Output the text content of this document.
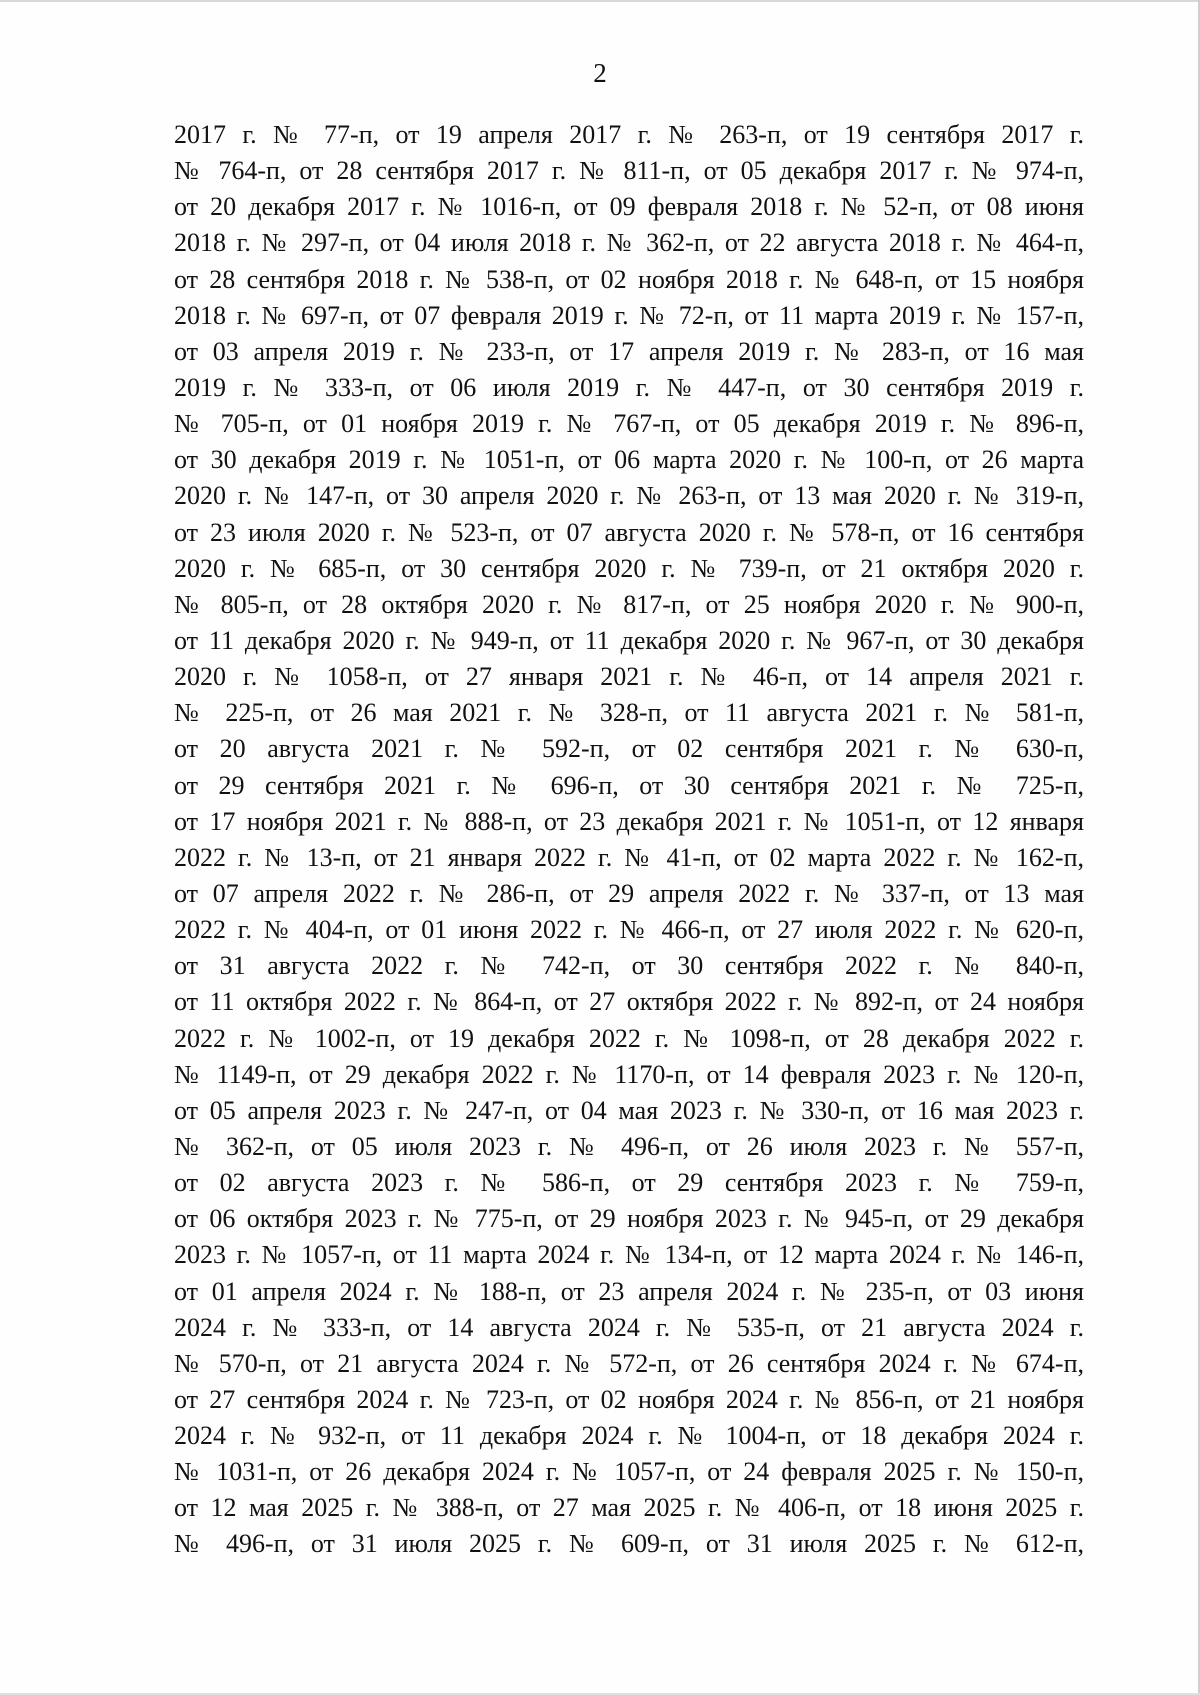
2
2017 г. № 77-п, от 19 апреля 2017 г. № 263-п, от 19 сентября 2017 г.
№ 764-п, от 28 сентября 2017 г. № 811-п, от 05 декабря 2017 г. № 974-п,
от 20 декабря 2017 г. № 1016-п, от 09 февраля 2018 г. № 52-п, от 08 июня
2018 г. № 297-п, от 04 июля 2018 г. № 362-п, от 22 августа 2018 г. № 464-п,
от 28 сентября 2018 г. № 538-п, от 02 ноября 2018 г. № 648-п, от 15 ноября
2018 г. № 697-п, от 07 февраля 2019 г. № 72-п, от 11 марта 2019 г. № 157-п,
от 03 апреля 2019 г. № 233-п, от 17 апреля 2019 г. № 283-п, от 16 мая
2019 г. № 333-п, от 06 июля 2019 г. № 447-п, от 30 сентября 2019 г.
№ 705-п, от 01 ноября 2019 г. № 767-п, от 05 декабря 2019 г. № 896-п,
от 30 декабря 2019 г. № 1051-п, от 06 марта 2020 г. № 100-п, от 26 марта
2020 г. № 147-п, от 30 апреля 2020 г. № 263-п, от 13 мая 2020 г. № 319-п,
от 23 июля 2020 г. № 523-п, от 07 августа 2020 г. № 578-п, от 16 сентября
2020 г. № 685-п, от 30 сентября 2020 г. № 739-п, от 21 октября 2020 г.
№ 805-п, от 28 октября 2020 г. № 817-п, от 25 ноября 2020 г. № 900-п,
от 11 декабря 2020 г. № 949-п, от 11 декабря 2020 г. № 967-п, от 30 декабря
2020 г. № 1058-п, от 27 января 2021 г. № 46-п, от 14 апреля 2021 г.
№ 225-п, от 26 мая 2021 г. № 328-п, от 11 августа 2021 г. № 581-п,
от 20 августа 2021 г. № 592-п, от 02 сентября 2021 г. № 630-п,
от 29 сентября 2021 г. № 696-п, от 30 сентября 2021 г. № 725-п,
от 17 ноября 2021 г. № 888-п, от 23 декабря 2021 г. № 1051-п, от 12 января
2022 г. № 13-п, от 21 января 2022 г. № 41-п, от 02 марта 2022 г. № 162-п,
от 07 апреля 2022 г. № 286-п, от 29 апреля 2022 г. № 337-п, от 13 мая
2022 г. № 404-п, от 01 июня 2022 г. № 466-п, от 27 июля 2022 г. № 620-п,
от 31 августа 2022 г. № 742-п, от 30 сентября 2022 г. № 840-п,
от 11 октября 2022 г. № 864-п, от 27 октября 2022 г. № 892-п, от 24 ноября
2022 г. № 1002-п, от 19 декабря 2022 г. № 1098-п, от 28 декабря 2022 г.
№ 1149-п, от 29 декабря 2022 г. № 1170-п, от 14 февраля 2023 г. № 120-п,
от 05 апреля 2023 г. № 247-п, от 04 мая 2023 г. № 330-п, от 16 мая 2023 г.
№ 362-п, от 05 июля 2023 г. № 496-п, от 26 июля 2023 г. № 557-п,
от 02 августа 2023 г. № 586-п, от 29 сентября 2023 г. № 759-п,
от 06 октября 2023 г. № 775-п, от 29 ноября 2023 г. № 945-п, от 29 декабря
2023 г. № 1057-п, от 11 марта 2024 г. № 134-п, от 12 марта 2024 г. № 146-п,
от 01 апреля 2024 г. № 188-п, от 23 апреля 2024 г. № 235-п, от 03 июня
2024 г. № 333-п, от 14 августа 2024 г. № 535-п, от 21 августа 2024 г.
№ 570-п, от 21 августа 2024 г. № 572-п, от 26 сентября 2024 г. № 674-п,
от 27 сентября 2024 г. № 723-п, от 02 ноября 2024 г. № 856-п, от 21 ноября
2024 г. № 932-п, от 11 декабря 2024 г. № 1004-п, от 18 декабря 2024 г.
№ 1031-п, от 26 декабря 2024 г. № 1057-п, от 24 февраля 2025 г. № 150-п,
от 12 мая 2025 г. № 388-п, от 27 мая 2025 г. № 406-п, от 18 июня 2025 г.
№ 496-п, от 31 июля 2025 г. № 609-п, от 31 июля 2025 г. № 612-п,
